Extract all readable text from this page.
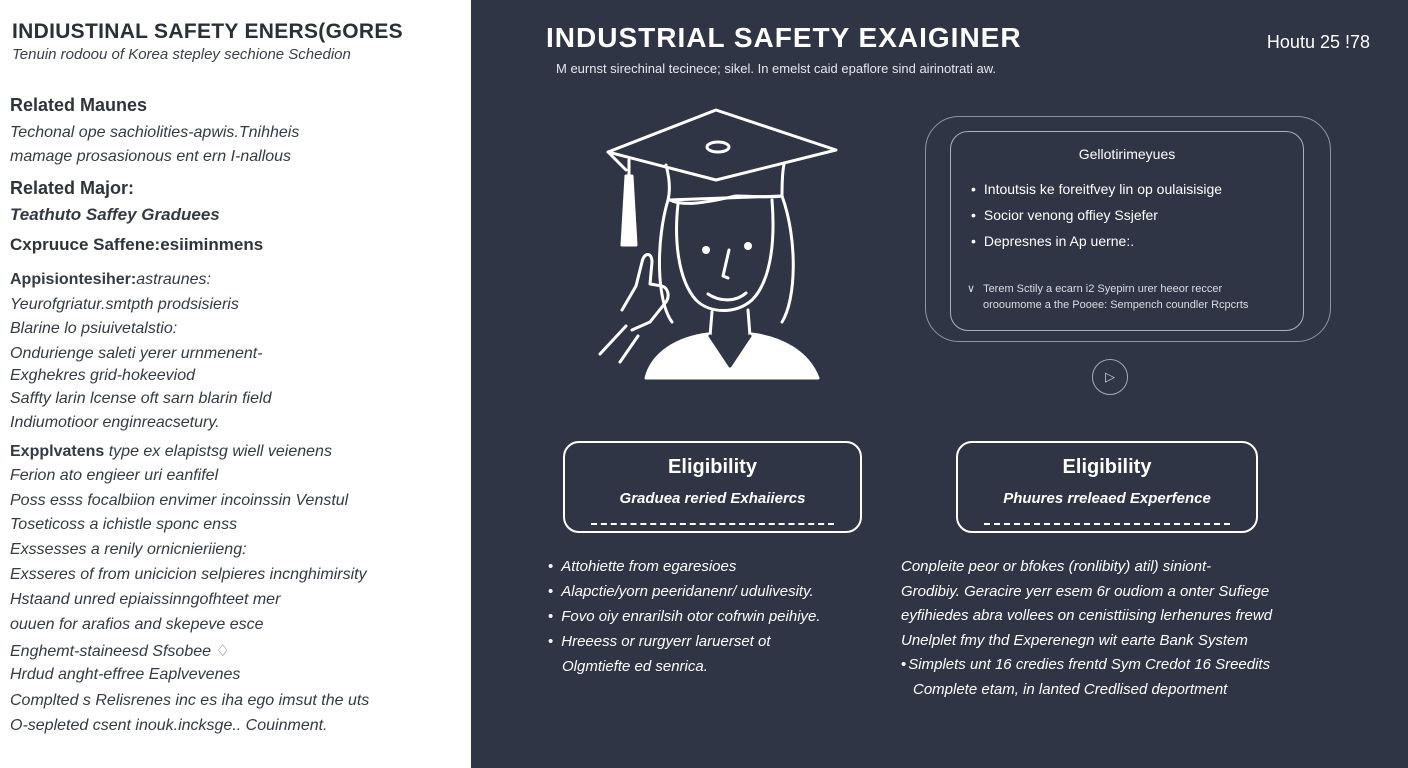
INDIUSTINAL SAFETY ENERS(GORES
Tenuin rodoou of Korea stepley sechione Schedion
Related Maunes
Techonal ope sachiolities-apwis.Tnihheis
mamage prosasionous ent ern I-nallous
Related Major:
Teathuto Saffey Graduees
Cxpruuce Saffene:esiiminmens
Appisiontesiher:astraunes:
Yeurofgriatur.smtpth prodsisieris
Blarine lo psiuivetalstio:
Ondurienge saleti yerer urnmenent-
Exghekres grid-hokeeviod
Saffty larin lcense oft sarn blarin field
Indiumotioor enginreacsetury.
Expplvatens type ex elapistsg wiell veienens
Ferion ato engieer uri eanfifel
Poss esss focalbiion envimer incoinssin Venstul
Toseticoss a ichistle sponc enss
Exssesses a renily ornicnieriieng:
Exsseres of from unicicion selpieres incnghimirsity
Hstaand unred epiaissinngofhteet mer
ouuen for arafios and skepeve esce
Enghemt-staineesd Sfsobee ♢
Hrdud anght-effree Eaplvevenes
Complted s Relisrenes inc es iha ego imsut the uts
O-sepleted csent inouk.incksge.. Couinment.
INDUSTRIAL SAFETY EXAIGINER	Houtu 25 !78
M eurnst sirechinal tecinece; sikel. In emelst caid epaflore sind airinotrati aw.
Gellotirimeyues
• Intoutsis ke foreitfvey lin op oulaisisige
• Socior venong offiey Ssjefer
• Depresnes in Ap uerne:.
∨ Terem Sctily a ecarn i2 Syepirn urer heeor reccer
orooumome a the Pooee: Sempench coundler Rcpcrts
▷
Eligibility
Graduea reried Exhaiiercs
Eligibility
Phuures rreleaed Experfence
• Attohiette from egaresioes
• Alapctie/yorn peeridanenr/ udulivesity.
• Fovo oiy enrarilsih otor cofrwin peihiye.
• Hreeess or rurgyerr laruerset ot
Olgmtiefte ed senrica.
Conpleite peor or bfokes (ronlibity) atil) siniont-
Grodibiy. Geracire yerr esem 6r oudiom a onter Sufiege
eyfihiedes abra vollees on cenisttiising lerhenures frewd
Unelplet fmy thd Experenegn wit earte Bank System
• Simplets unt 16 credies frentd Sym Credot 16 Sreedits
Complete etam, in lanted Credlised deportment
